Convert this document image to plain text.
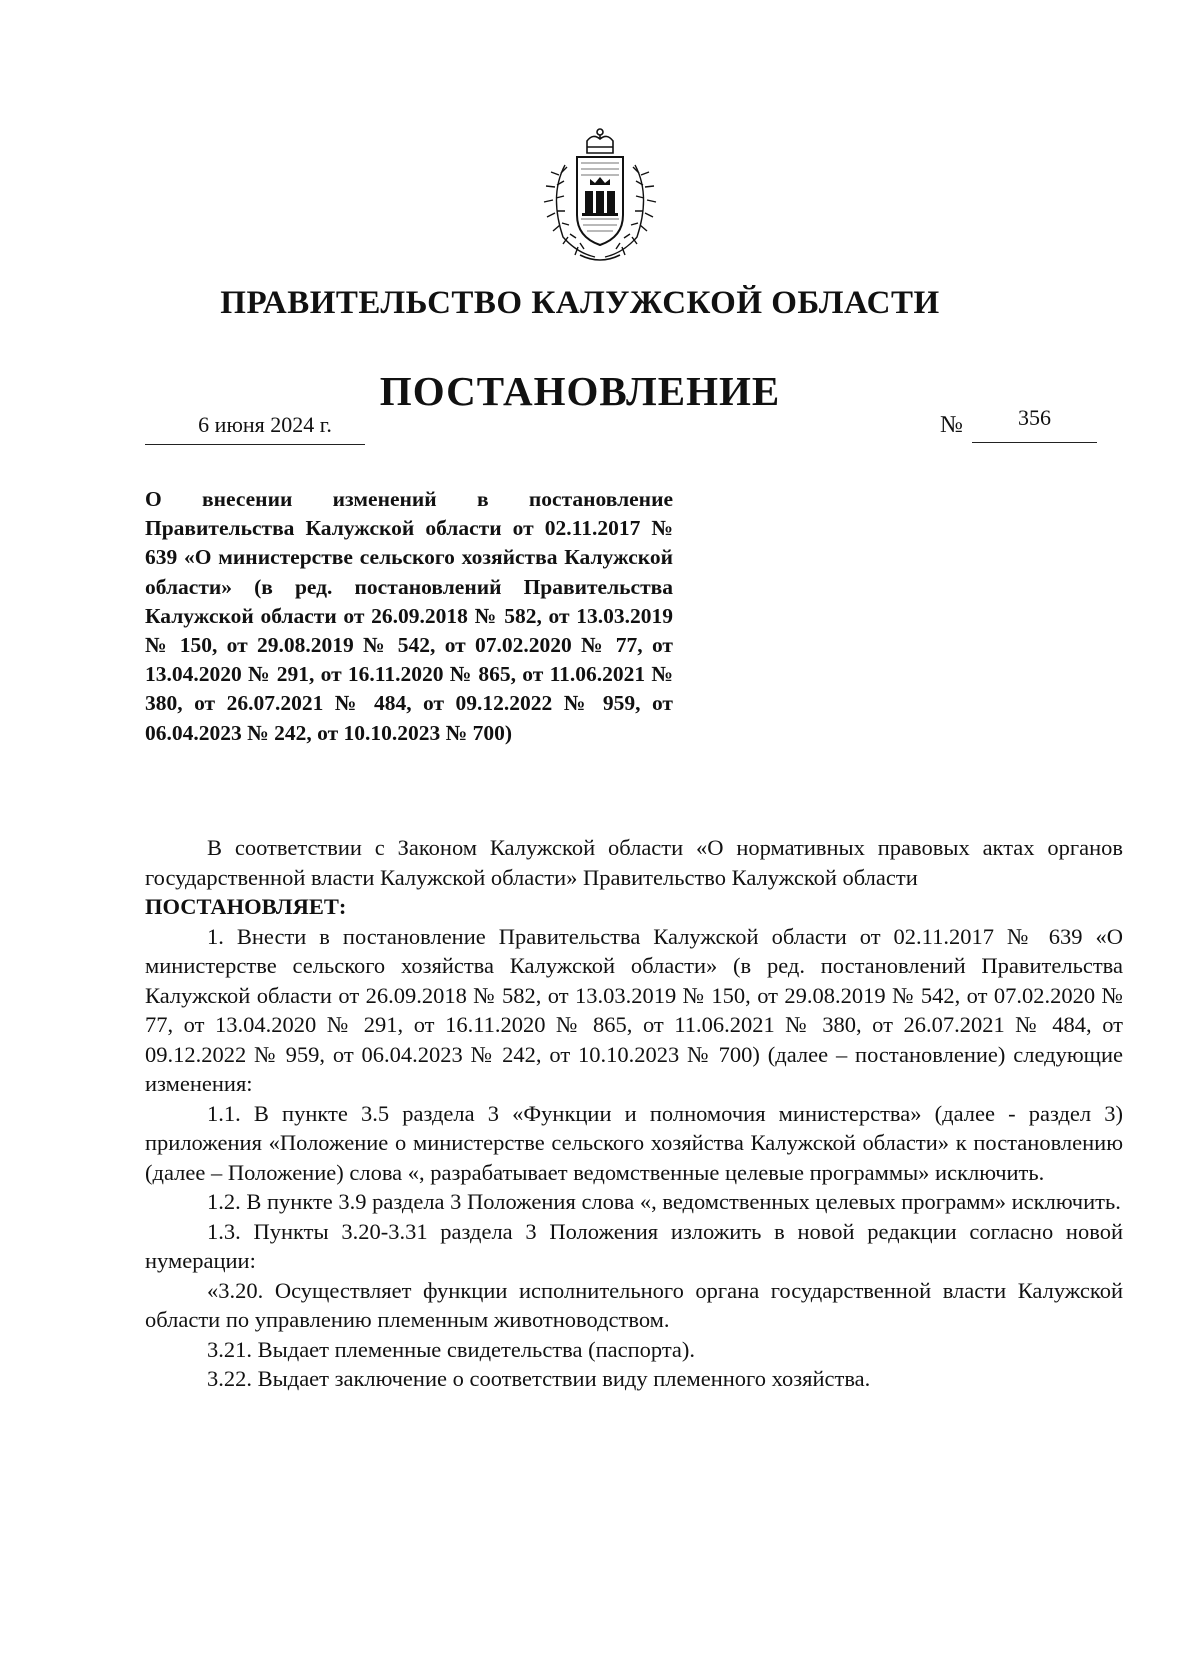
ПРАВИТЕЛЬСТВО КАЛУЖСКОЙ ОБЛАСТИ
ПОСТАНОВЛЕНИЕ
6 июня 2024 г.	№	356
О внесении изменений в постановление Правительства Калужской области от 02.11.2017 № 639 «О министерстве сельского хозяйства Калужской области» (в ред. постановлений Правительства Калужской области от 26.09.2018 № 582, от 13.03.2019 № 150, от 29.08.2019 № 542, от 07.02.2020 № 77, от 13.04.2020 № 291, от 16.11.2020 № 865, от 11.06.2021 № 380, от 26.07.2021 № 484, от 09.12.2022 № 959, от 06.04.2023 № 242, от 10.10.2023 № 700)

В соответствии с Законом Калужской области «О нормативных правовых актах органов государственной власти Калужской области» Правительство Калужской области

ПОСТАНОВЛЯЕТ:

1. Внести в постановление Правительства Калужской области от 02.11.2017 № 639 «О министерстве сельского хозяйства Калужской области» (в ред. постановлений Правительства Калужской области от 26.09.2018 № 582, от 13.03.2019 № 150, от 29.08.2019 № 542, от 07.02.2020 № 77, от 13.04.2020 № 291, от 16.11.2020 № 865, от 11.06.2021 № 380, от 26.07.2021 № 484, от 09.12.2022 № 959, от 06.04.2023 № 242, от 10.10.2023 № 700) (далее – постановление) следующие изменения:

1.1. В пункте 3.5 раздела 3 «Функции и полномочия министерства» (далее - раздел 3) приложения «Положение о министерстве сельского хозяйства Калужской области» к постановлению (далее – Положение) слова «, разрабатывает ведомственные целевые программы» исключить.

1.2. В пункте 3.9 раздела 3 Положения слова «, ведомственных целевых программ» исключить.

1.3. Пункты 3.20-3.31 раздела 3 Положения изложить в новой редакции согласно новой нумерации:

«3.20. Осуществляет функции исполнительного органа государственной власти Калужской области по управлению племенным животноводством.

3.21. Выдает племенные свидетельства (паспорта).

3.22. Выдает заключение о соответствии виду племенного хозяйства.
